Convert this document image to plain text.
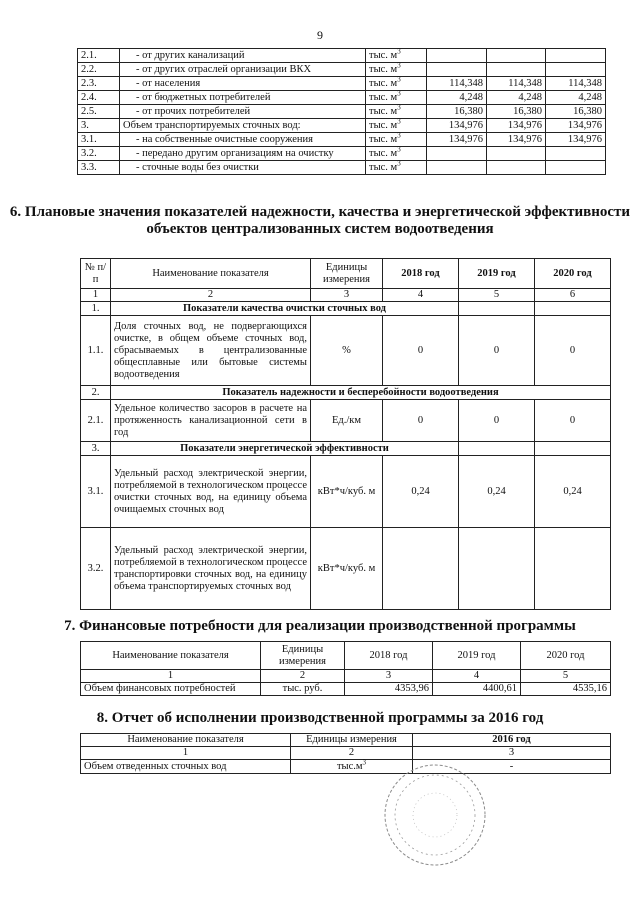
9
2.1.	- от других канализаций	тыс. $м^3$			
2.2.	- от других отраслей организации ВКХ	тыс. $м^3$			
2.3.	- от населения	тыс. $м^3$	114,348	114,348	114,348
2.4.	- от бюджетных потребителей	тыс. $м^3$	4,248	4,248	4,248
2.5.	- от прочих потребителей	тыс. $м^3$	16,380	16,380	16,380
3.	Объем транспортируемых сточных вод:	тыс. $м^3$	134,976	134,976	134,976
3.1.	- на собственные очистные сооружения	тыс. $м^3$	134,976	134,976	134,976
3.2.	- передано другим организациям на очистку	тыс. $м^3$			
3.3.	- сточные воды без очистки	тыс. $м^3$			
6. Плановые значения показателей надежности, качества и энергетической эффективности объектов централизованных систем водоотведения
№ п/п	Наименование показателя	Единицы измерения	2018 год	2019 год	2020 год
1	2	3	4	5	6
1.	Показатели качества очистки сточных вод				
1.1.	Доля сточных вод, не подвергающихся очистке, в общем объеме сточных вод, сбрасываемых в централизованные общесплавные или бытовые системы водоотведения	%	0	0	0
2.	Показатель надежности и бесперебойности водоотведения				
2.1.	Удельное количество засоров в расчете на протяженность канализационной сети в год	Ед./км	0	0	0
3.	Показатели энергетической эффективности				
3.1.	Удельный расход электрической энергии, потребляемой в технологическом процессе очистки сточных вод, на единицу объема очищаемых сточных вод	кВт*ч/куб. м	0,24	0,24	0,24
3.2.	Удельный расход электрической энергии, потребляемой в технологическом процессе транспортировки сточных вод, на единицу объема транспортируемых сточных вод	кВт*ч/куб. м			
7. Финансовые потребности для реализации производственной программы
Наименование показателя	Единицы измерения	2018 год	2019 год	2020 год
1	2	3	4	5
Объем финансовых потребностей	тыс. руб.	4353,96	4400,61	4535,16
8. Отчет об исполнении производственной программы за 2016 год
Наименование показателя	Единицы измерения	2016 год
1	2	3
Объем отведенных сточных вод	$тыс.м^3$	-
